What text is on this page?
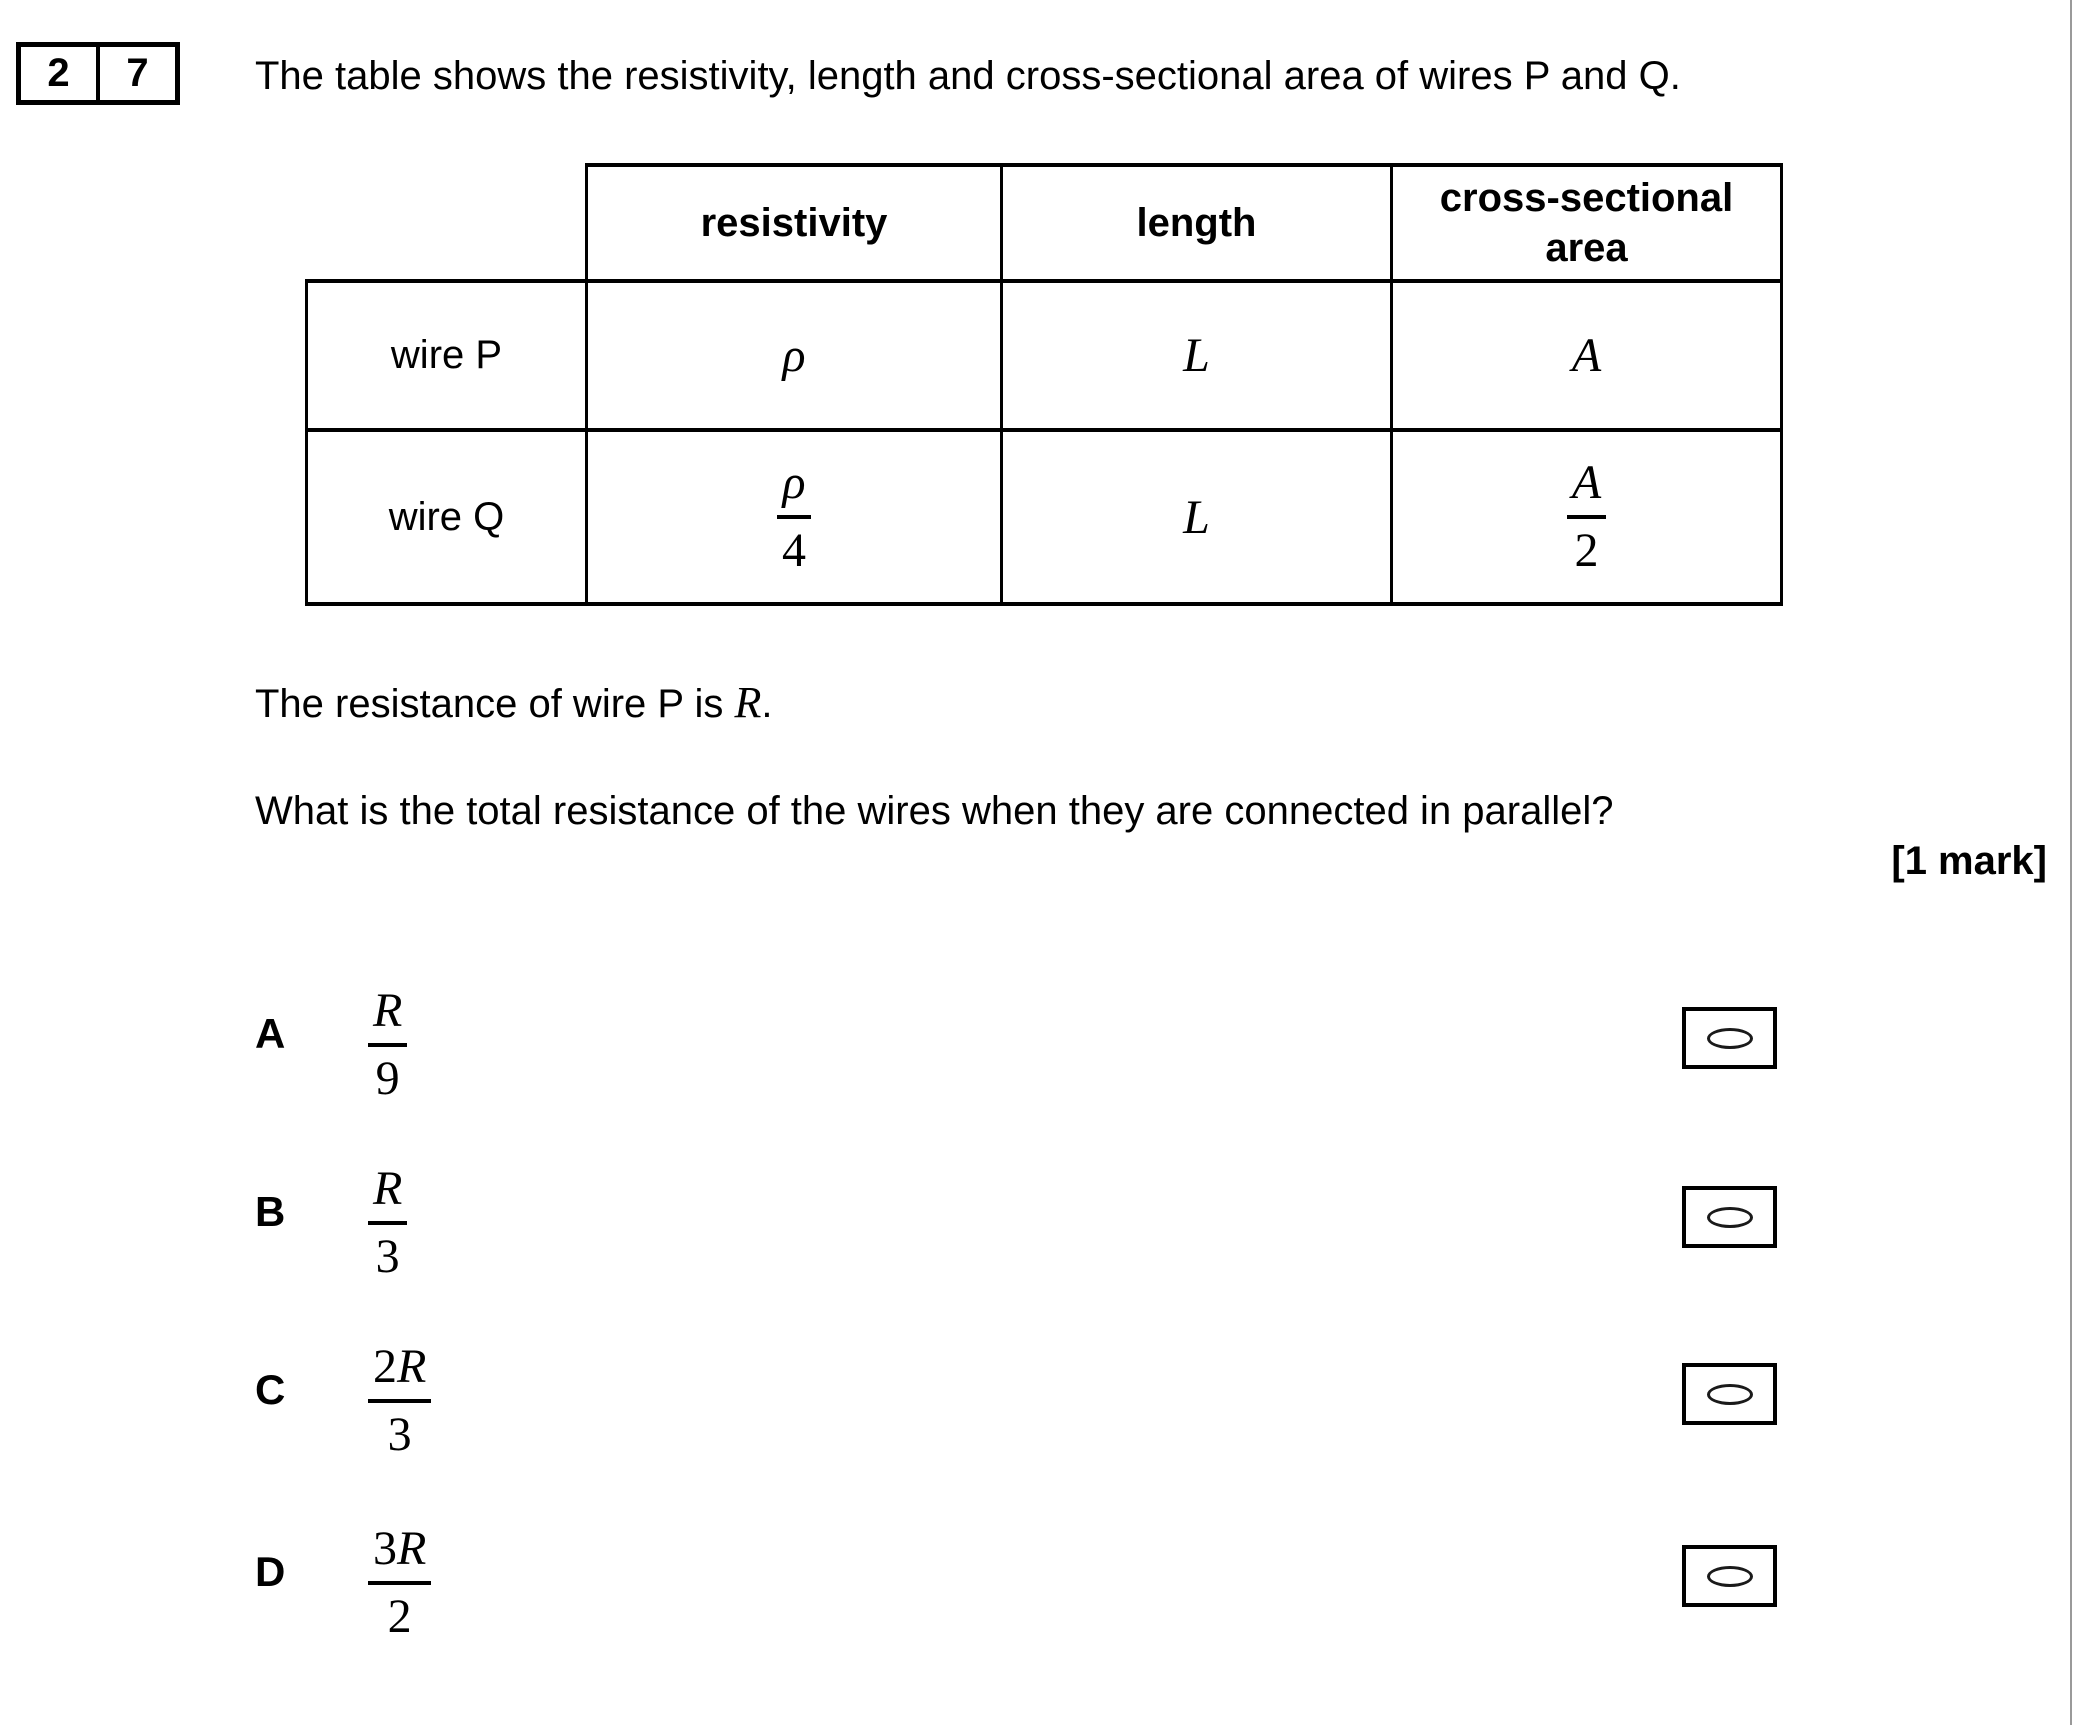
2	7	The table shows the resistivity, length and cross-sectional area of wires P and Q.
	resistivity	length	cross-sectional area
wire P	ρ	L	A
wire Q	$\frac{\rho}{4}$	L	$\frac{A}{2}$
The resistance of wire P is R.
What is the total resistance of the wires when they are connected in parallel?
[1 mark]
A R
9
B R
3
C 2R
3
D 3R
2
